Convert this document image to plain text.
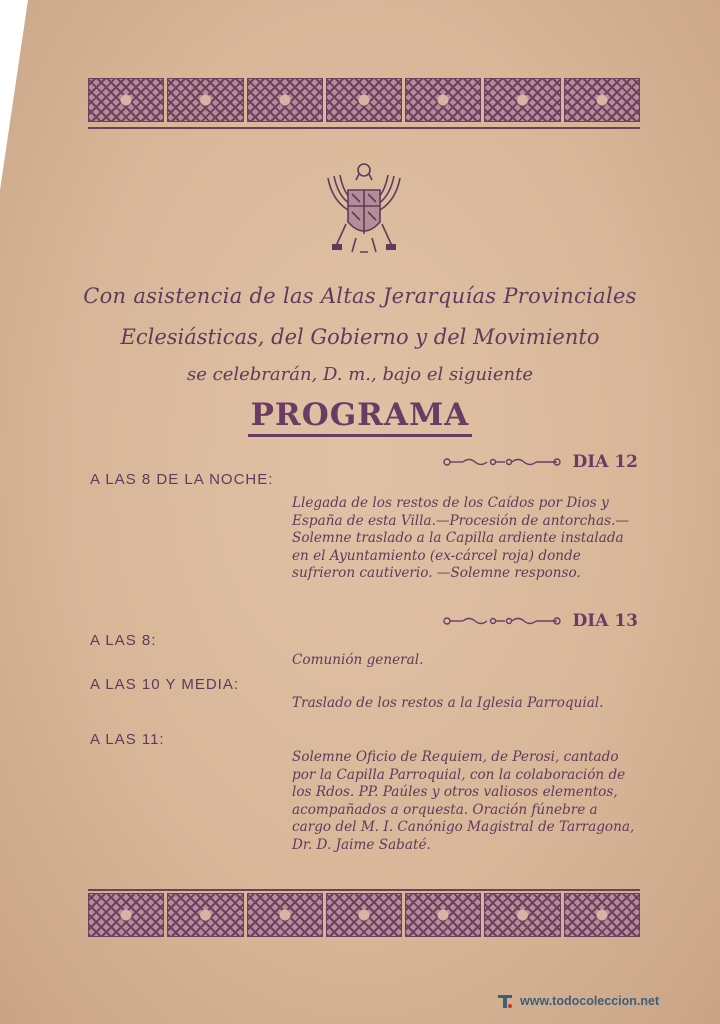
Con asistencia de las Altas Jerarquías Provinciales
Eclesiásticas, del Gobierno y del Movimiento
se celebrarán, D. m., bajo el siguiente
PROGRAMA
DIA 12
A LAS 8 DE LA NOCHE:
Llegada de los restos de los Caídos por Dios y España de esta Villa.—Procesión de antorchas.—Solemne traslado a la Capilla ardiente instalada en el Ayuntamiento (ex-cárcel roja) donde sufrieron cautiverio. —Solemne responso.
DIA 13
A LAS 8:
Comunión general.
A LAS 10 Y MEDIA:
Traslado de los restos a la Iglesia Parroquial.
A LAS 11:
Solemne Oficio de Requiem, de Perosi, cantado por la Capilla Parroquial, con la colaboración de los Rdos. PP. Paúles y otros valiosos elementos, acompañados a orquesta. Oración fúnebre a cargo del M. I. Canónigo Magistral de Tarragona, Dr. D. Jaime Sabaté.
www.todocoleccion.net
